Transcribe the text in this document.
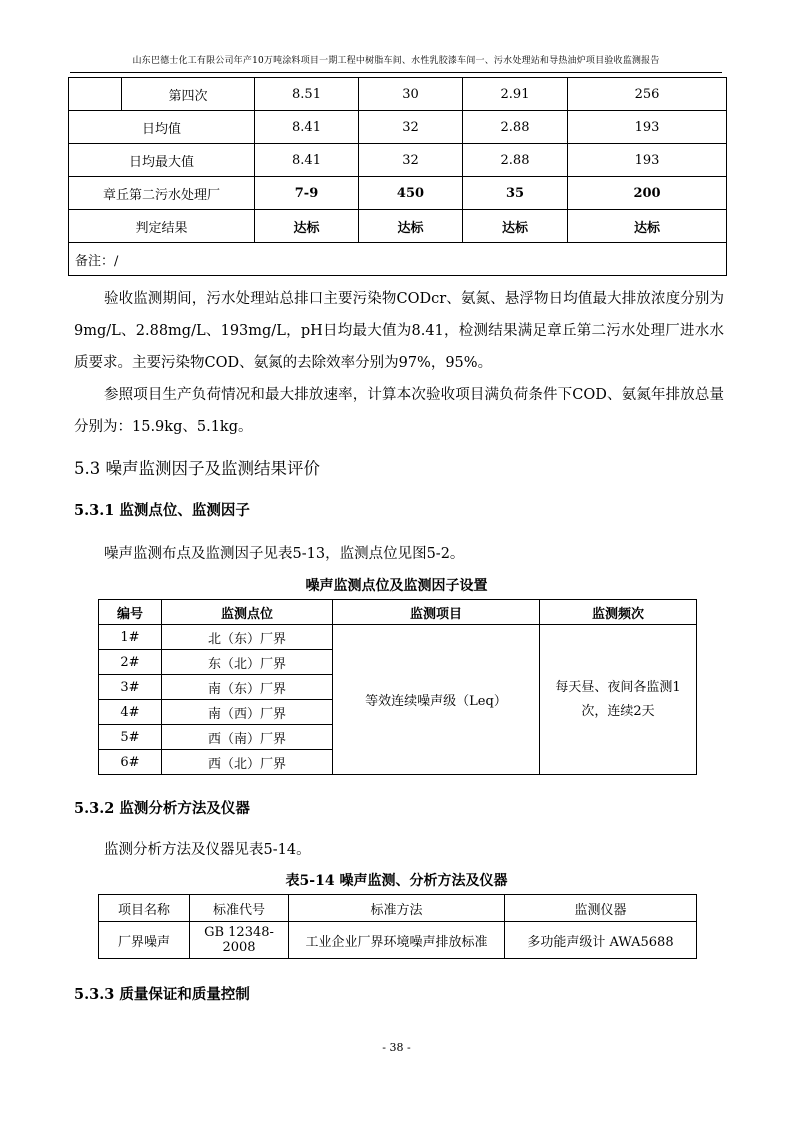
山东巴德士化工有限公司年产10万吨涂料项目一期工程中树脂车间、水性乳胶漆车间一、污水处理站和导热油炉项目验收监测报告
	第四次	8.51	30	2.91	256
日均值		8.41	32	2.88	193
日均最大值		8.41	32	2.88	193
章丘第二污水处理厂		7-9	450	35	200
判定结果		达标	达标	达标	达标
备注：/					

验收监测期间，污水处理站总排口主要污染物CODcr、氨氮、悬浮物日均值最大排放浓度分别为9mg/L、2.88mg/L、193mg/L，pH日均最大值为8.41，检测结果满足章丘第二污水处理厂进水水质要求。主要污染物COD、氨氮的去除效率分别为97%，95%。

参照项目生产负荷情况和最大排放速率，计算本次验收项目满负荷条件下COD、氨氮年排放总量分别为：15.9kg、5.1kg。

5.3 噪声监测因子及监测结果评价
5.3.1 监测点位、监测因子

噪声监测布点及监测因子见表5-13，监测点位见图5-2。

噪声监测点位及监测因子设置
编号	监测点位	监测项目	监测频次
1#	北（东）厂界	等效连续噪声级（Leq）	每天昼、夜间各监测1次，连续2天
2#	东（北）厂界		
3#	南（东）厂界		
4#	南（西）厂界		
5#	西（南）厂界		
6#	西（北）厂界		
5.3.2 监测分析方法及仪器

监测分析方法及仪器见表5-14。

表5-14 噪声监测、分析方法及仪器
项目名称	标准代号	标准方法	监测仪器
厂界噪声	GB 12348-2008	工业企业厂界环境噪声排放标准	多功能声级计 AWA5688
5.3.3 质量保证和质量控制
- 38 -
